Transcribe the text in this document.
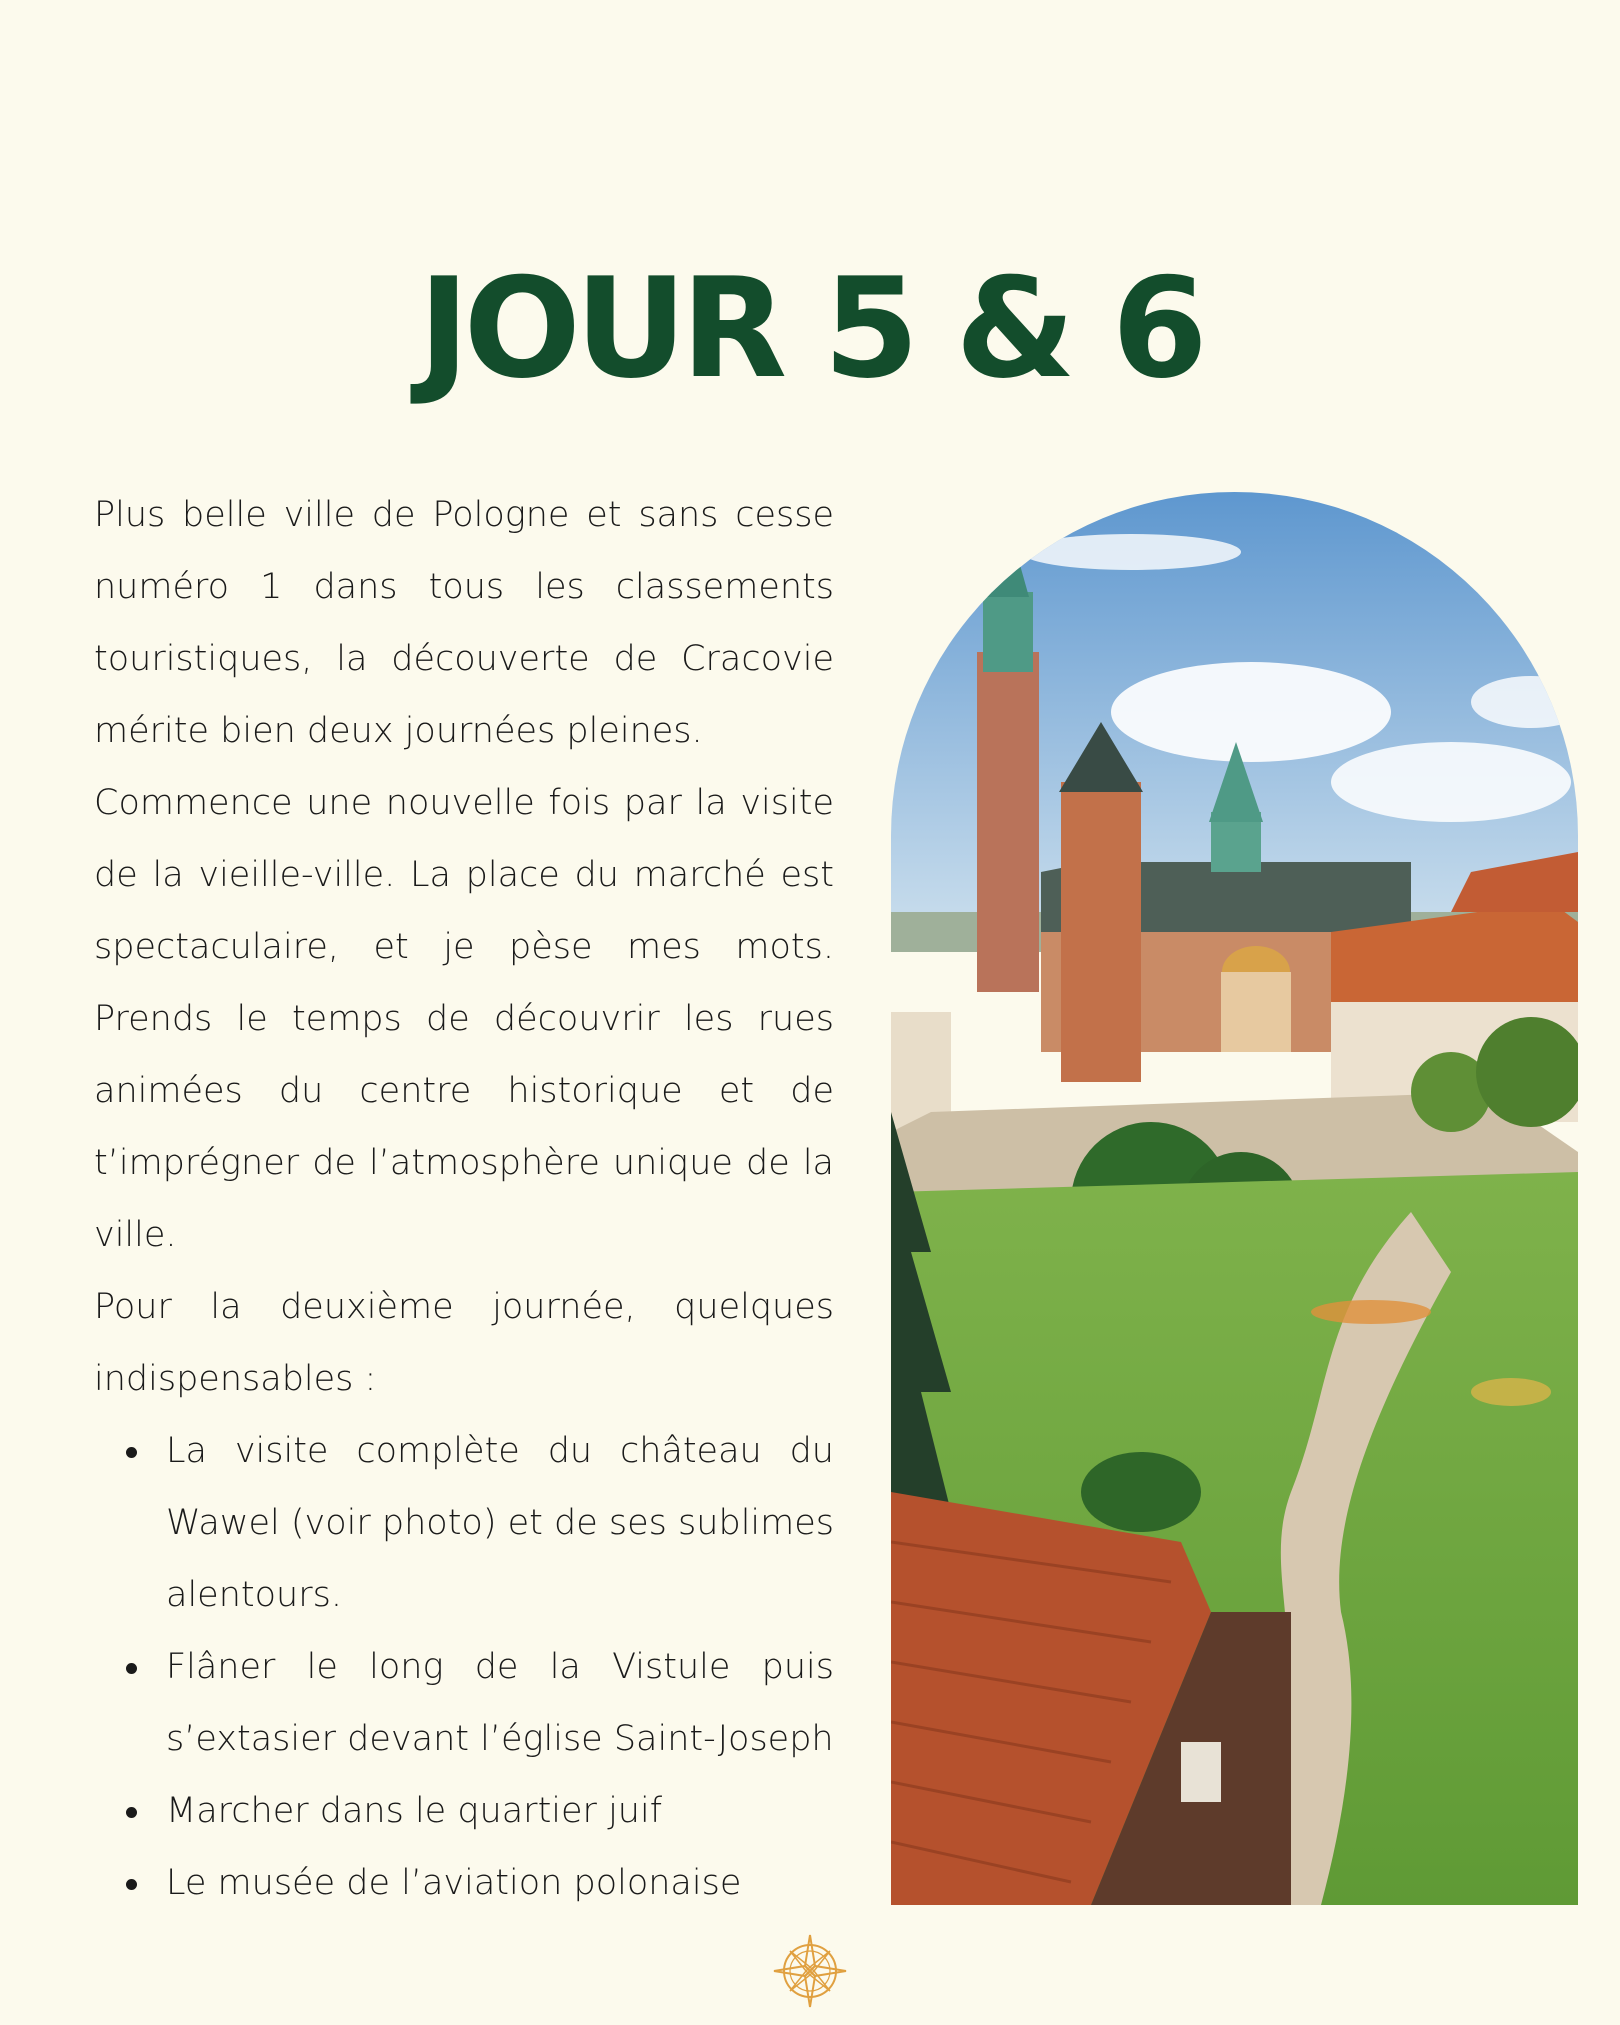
JOUR 5 & 6

Plus belle ville de Pologne et sans cesse numéro 1 dans tous les classements touristiques, la découverte de Cracovie mérite bien deux journées pleines.

Commence une nouvelle fois par la visite de la vieille-ville. La place du marché est spectaculaire, et je pèse mes mots. Prends le temps de découvrir les rues animées du centre historique et de t’imprégner de l’atmosphère unique de la ville.

Pour la deuxième journée, quelques indispensables :

La visite complète du château du Wawel (voir photo) et de ses sublimes alentours.
Flâner le long de la Vistule puis s’extasier devant l’église Saint-Joseph
Marcher dans le quartier juif
Le musée de l’aviation polonaise
